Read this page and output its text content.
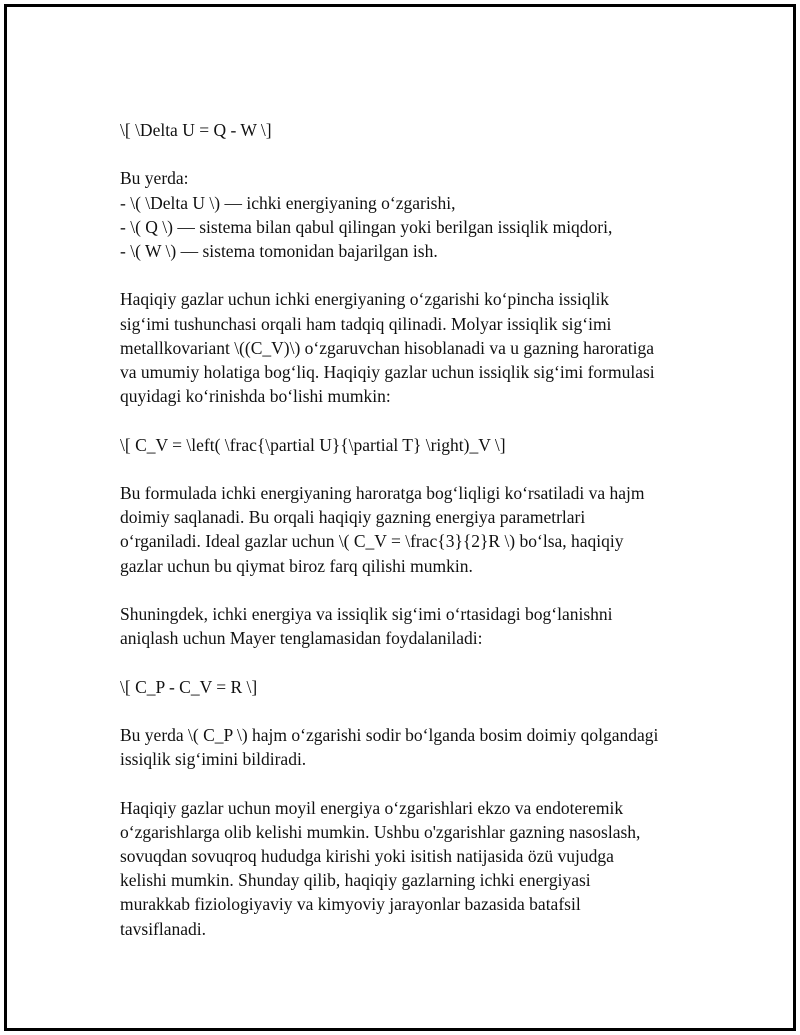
\[ \Delta U = Q - W \]
Bu yerda:
- \( \Delta U \) — ichki energiyaning o‘zgarishi,
- \( Q \) — sistema bilan qabul qilingan yoki berilgan issiqlik miqdori,
- \( W \) — sistema tomonidan bajarilgan ish.
Haqiqiy gazlar uchun ichki energiyaning o‘zgarishi ko‘pincha issiqlik
sig‘imi tushunchasi orqali ham tadqiq qilinadi. Molyar issiqlik sig‘imi
metallkovariant \((C_V)\) o‘zgaruvchan hisoblanadi va u gazning haroratiga
va umumiy holatiga bog‘liq. Haqiqiy gazlar uchun issiqlik sig‘imi formulasi
quyidagi ko‘rinishda bo‘lishi mumkin:
\[ C_V = \left( \frac{\partial U}{\partial T} \right)_V \]
Bu formulada ichki energiyaning haroratga bog‘liqligi ko‘rsatiladi va hajm
doimiy saqlanadi. Bu orqali haqiqiy gazning energiya parametrlari
o‘rganiladi. Ideal gazlar uchun \( C_V = \frac{3}{2}R \) bo‘lsa, haqiqiy
gazlar uchun bu qiymat biroz farq qilishi mumkin.
Shuningdek, ichki energiya va issiqlik sig‘imi o‘rtasidagi bog‘lanishni
aniqlash uchun Mayer tenglamasidan foydalaniladi:
\[ C_P - C_V = R \]
Bu yerda \( C_P \) hajm o‘zgarishi sodir bo‘lganda bosim doimiy qolgandagi
issiqlik sig‘imini bildiradi.
Haqiqiy gazlar uchun moyil energiya o‘zgarishlari ekzo va endoteremik
o‘zgarishlarga olib kelishi mumkin. Ushbu o'zgarishlar gazning nasoslash,
sovuqdan sovuqroq hududga kirishi yoki isitish natijasida özü vujudga
kelishi mumkin. Shunday qilib, haqiqiy gazlarning ichki energiyasi
murakkab fiziologiyaviy va kimyoviy jarayonlar bazasida batafsil
tavsiflanadi.
